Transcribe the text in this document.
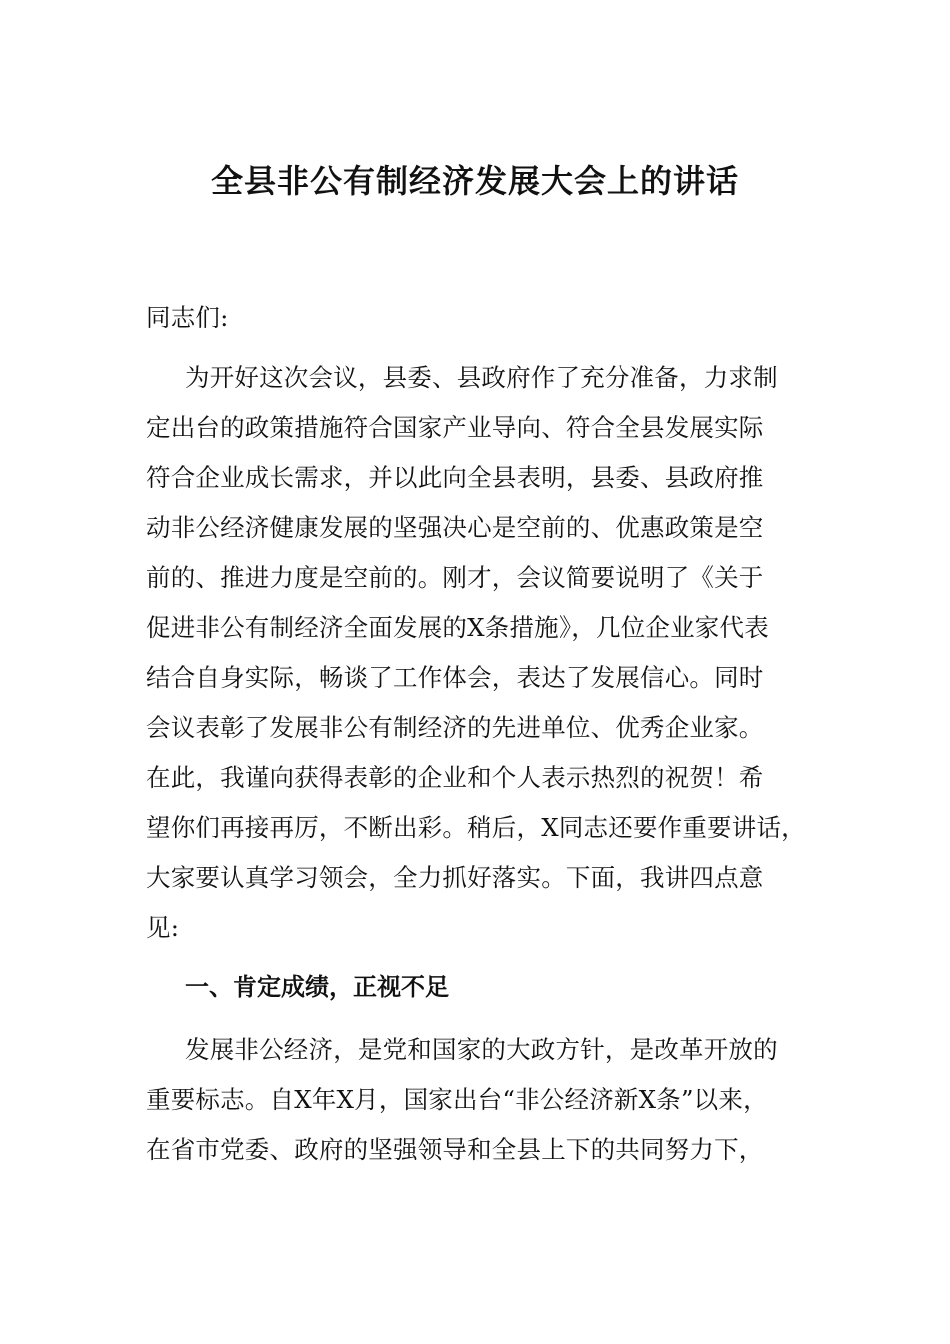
全县非公有制经济发展大会上的讲话
同志们:
为开好这次会议，县委、县政府作了充分准备，力求制
定出台的政策措施符合国家产业导向、符合全县发展实际
符合企业成长需求，并以此向全县表明，县委、县政府推
动非公经济健康发展的坚强决心是空前的、优惠政策是空
前的、推进力度是空前的。刚才，会议简要说明了《关于
促进非公有制经济全面发展的X条措施》，几位企业家代表
结合自身实际，畅谈了工作体会，表达了发展信心。同时
会议表彰了发展非公有制经济的先进单位、优秀企业家。
在此，我谨向获得表彰的企业和个人表示热烈的祝贺！希
望你们再接再厉，不断出彩。稍后，X同志还要作重要讲话，
大家要认真学习领会，全力抓好落实。下面，我讲四点意
见:
一、肯定成绩，正视不足
发展非公经济，是党和国家的大政方针，是改革开放的
重要标志。自X年X月，国家出台“非公经济新X条”以来，
在省市党委、政府的坚强领导和全县上下的共同努力下，
